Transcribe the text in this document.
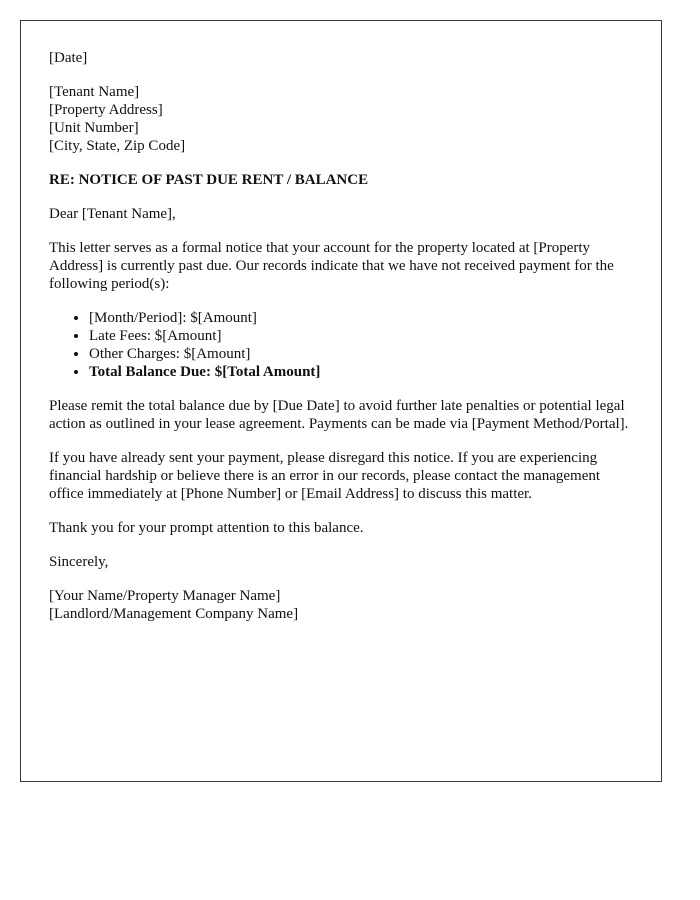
[Date]
[Tenant Name]
[Property Address]
[Unit Number]
[City, State, Zip Code]
RE: NOTICE OF PAST DUE RENT / BALANCE
Dear [Tenant Name],

This letter serves as a formal notice that your account for the property located at [Property Address] is currently past due. Our records indicate that we have not received payment for the following period(s):

• [Month/Period]: $[Amount]
• Late Fees: $[Amount]
• Other Charges: $[Amount]
• Total Balance Due: $[Total Amount]

Please remit the total balance due by [Due Date] to avoid further late penalties or potential legal action as outlined in your lease agreement. Payments can be made via [Payment Method/Portal].

If you have already sent your payment, please disregard this notice. If you are experiencing financial hardship or believe there is an error in our records, please contact the management office immediately at [Phone Number] or [Email Address] to discuss this matter.

Thank you for your prompt attention to this balance.

Sincerely,
[Your Name/Property Manager Name]
[Landlord/Management Company Name]
